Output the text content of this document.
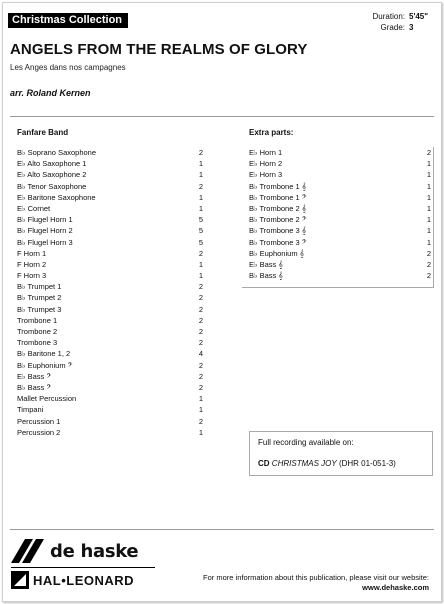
Christmas Collection	Duration: 5'45"
Grade: 3
ANGELS FROM THE REALMS OF GLORY
Les Anges dans nos campagnes
arr. Roland Kernen
Fanfare Band
B♭ Soprano Saxophone	2
E♭ Alto Saxophone 1	1
E♭ Alto Saxophone 2	1
B♭ Tenor Saxophone	2
E♭ Baritone Saxophone	1
E♭ Cornet	1
B♭ Flugel Horn 1	5
B♭ Flugel Horn 2	5
B♭ Flugel Horn 3	5
F Horn 1	2
F Horn 2	1
F Horn 3	1
B♭ Trumpet 1	2
B♭ Trumpet 2	2
B♭ Trumpet 3	2
Trombone 1	2
Trombone 2	2
Trombone 3	2
B♭ Baritone 1, 2	4
B♭ Euphonium 𝄢	2
E♭ Bass 𝄢	2
B♭ Bass 𝄢	2
Mallet Percussion	1
Timpani	1
Percussion 1	2
Percussion 2	1
Extra parts:
E♭ Horn 1	2
E♭ Horn 2	1
E♭ Horn 3	1
B♭ Trombone 1 𝄞	1
B♭ Trombone 1 𝄢	1
B♭ Trombone 2 𝄞	1
B♭ Trombone 2 𝄢	1
B♭ Trombone 3 𝄞	1
B♭ Trombone 3 𝄢	1
B♭ Euphonium 𝄞	2
E♭ Bass 𝄞	2
B♭ Bass 𝄞	2
Full recording available on:
CD CHRISTMAS JOY (DHR 01-051-3)
de haske
HAL•LEONARD	For more information about this publication, please visit our website:
www.dehaske.com
